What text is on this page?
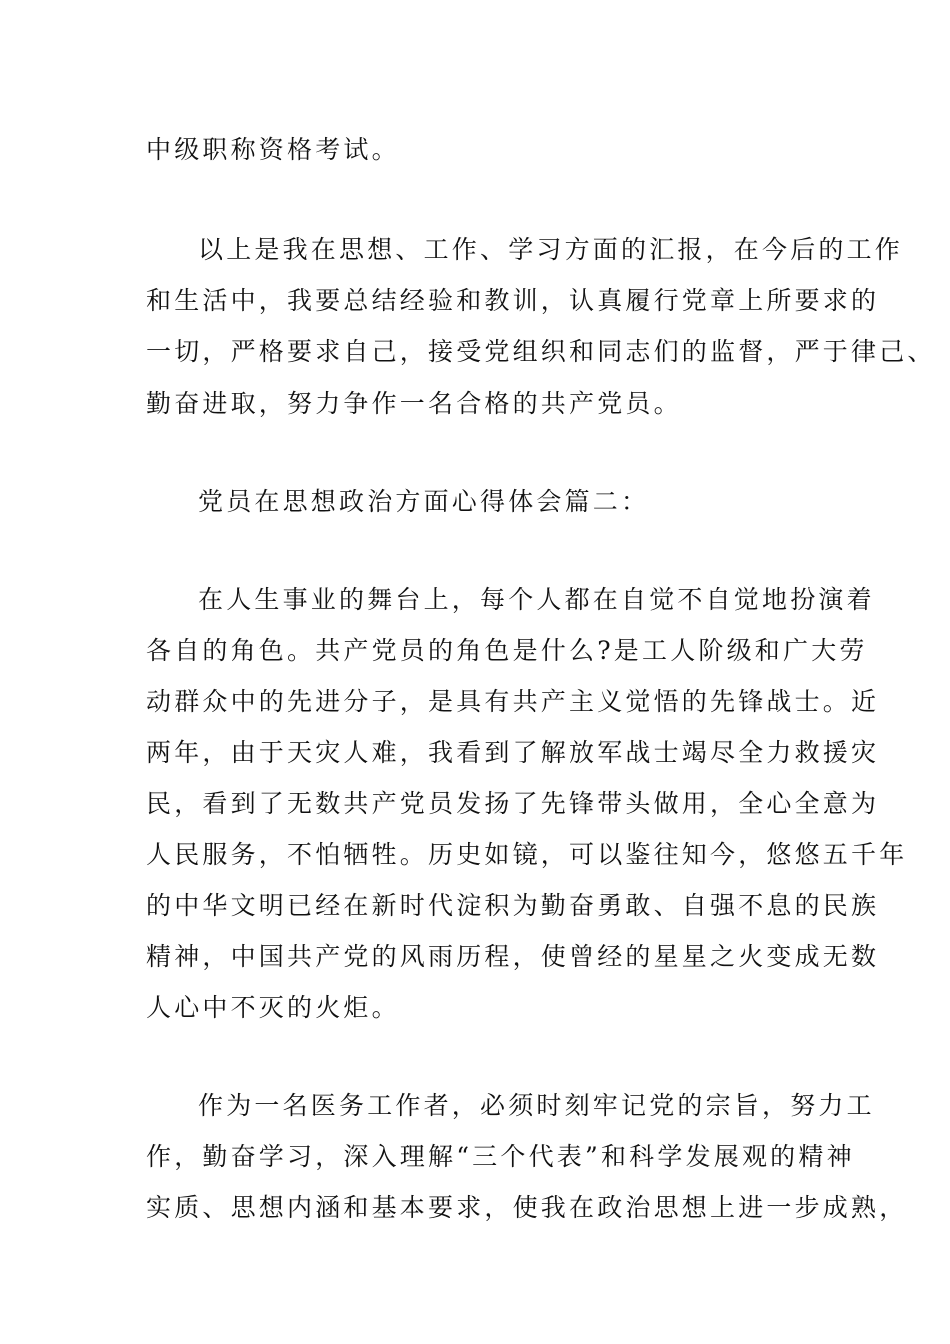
中级职称资格考试。
以上是我在思想、工作、学习方面的汇报，在今后的工作
和生活中，我要总结经验和教训，认真履行党章上所要求的
一切，严格要求自己，接受党组织和同志们的监督，严于律己、
勤奋进取，努力争作一名合格的共产党员。
党员在思想政治方面心得体会篇二：
在人生事业的舞台上，每个人都在自觉不自觉地扮演着
各自的角色。共产党员的角色是什么?是工人阶级和广大劳
动群众中的先进分子，是具有共产主义觉悟的先锋战士。近
两年，由于天灾人难，我看到了解放军战士竭尽全力救援灾
民，看到了无数共产党员发扬了先锋带头做用，全心全意为
人民服务，不怕牺牲。历史如镜，可以鉴往知今，悠悠五千年
的中华文明已经在新时代淀积为勤奋勇敢、自强不息的民族
精神，中国共产党的风雨历程，使曾经的星星之火变成无数
人心中不灭的火炬。
作为一名医务工作者，必须时刻牢记党的宗旨，努力工
作，勤奋学习，深入理解“三个代表”和科学发展观的精神
实质、思想内涵和基本要求，使我在政治思想上进一步成熟，
